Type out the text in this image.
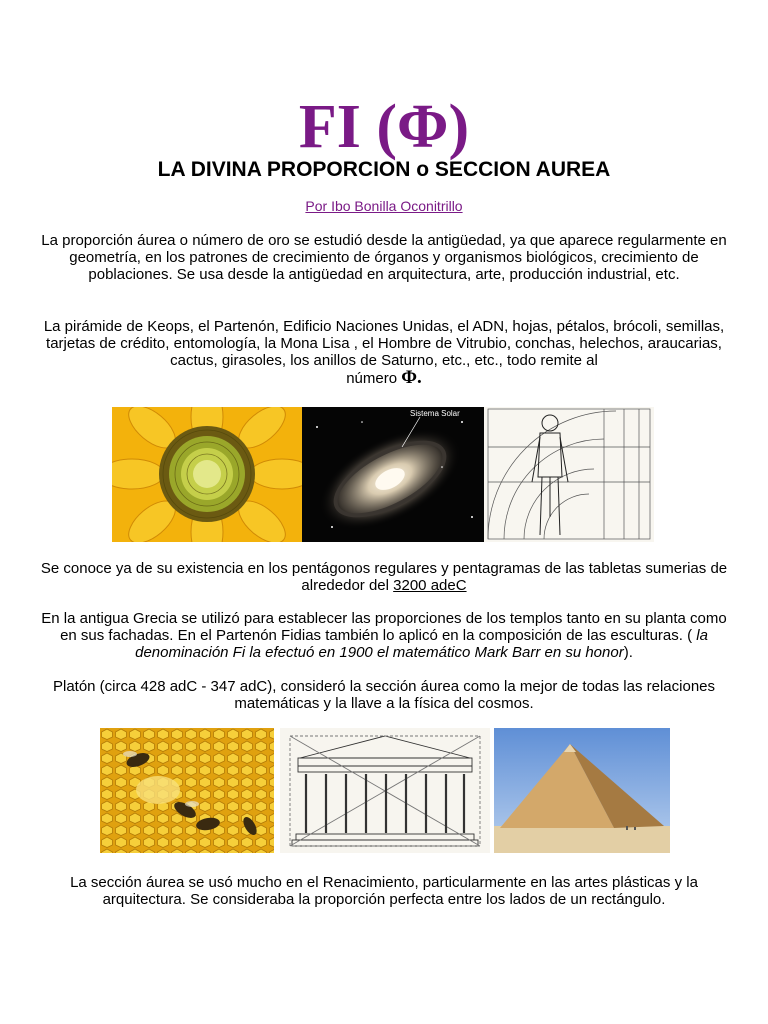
FI (Φ)
LA DIVINA PROPORCION o SECCION AUREA
Por Ibo Bonilla Oconitrillo

La proporción áurea o número de oro se estudió desde la antigüedad, ya que aparece regularmente en geometría, en los patrones de crecimiento de órganos y organismos biológicos, crecimiento de poblaciones. Se usa desde la antigüedad en arquitectura, arte, producción industrial, etc.

La pirámide de Keops, el Partenón, Edificio Naciones Unidas, el ADN, hojas, pétalos, brócoli, semillas, tarjetas de crédito, entomología, la Mona Lisa , el Hombre de Vitrubio, conchas, helechos, araucarias, cactus, girasoles, los anillos de Saturno, etc., etc., todo remite al
número Φ.

Sistema Solar

Se conoce ya de su existencia en los pentágonos regulares y pentagramas de las tabletas sumerias de alrededor del 3200 adeC

En la antigua Grecia se utilizó para establecer las proporciones de los templos tanto en su planta como en sus fachadas. En el Partenón Fidias también lo aplicó en la composición de las esculturas. ( la denominación Fi la efectuó en 1900 el matemático Mark Barr en su honor).

Platón (circa 428 adC - 347 adC), consideró la sección áurea como la mejor de todas las relaciones matemáticas y la llave a la física del cosmos.

La sección áurea se usó mucho en el Renacimiento, particularmente en las artes plásticas y la arquitectura. Se consideraba la proporción perfecta entre los lados de un rectángulo.
